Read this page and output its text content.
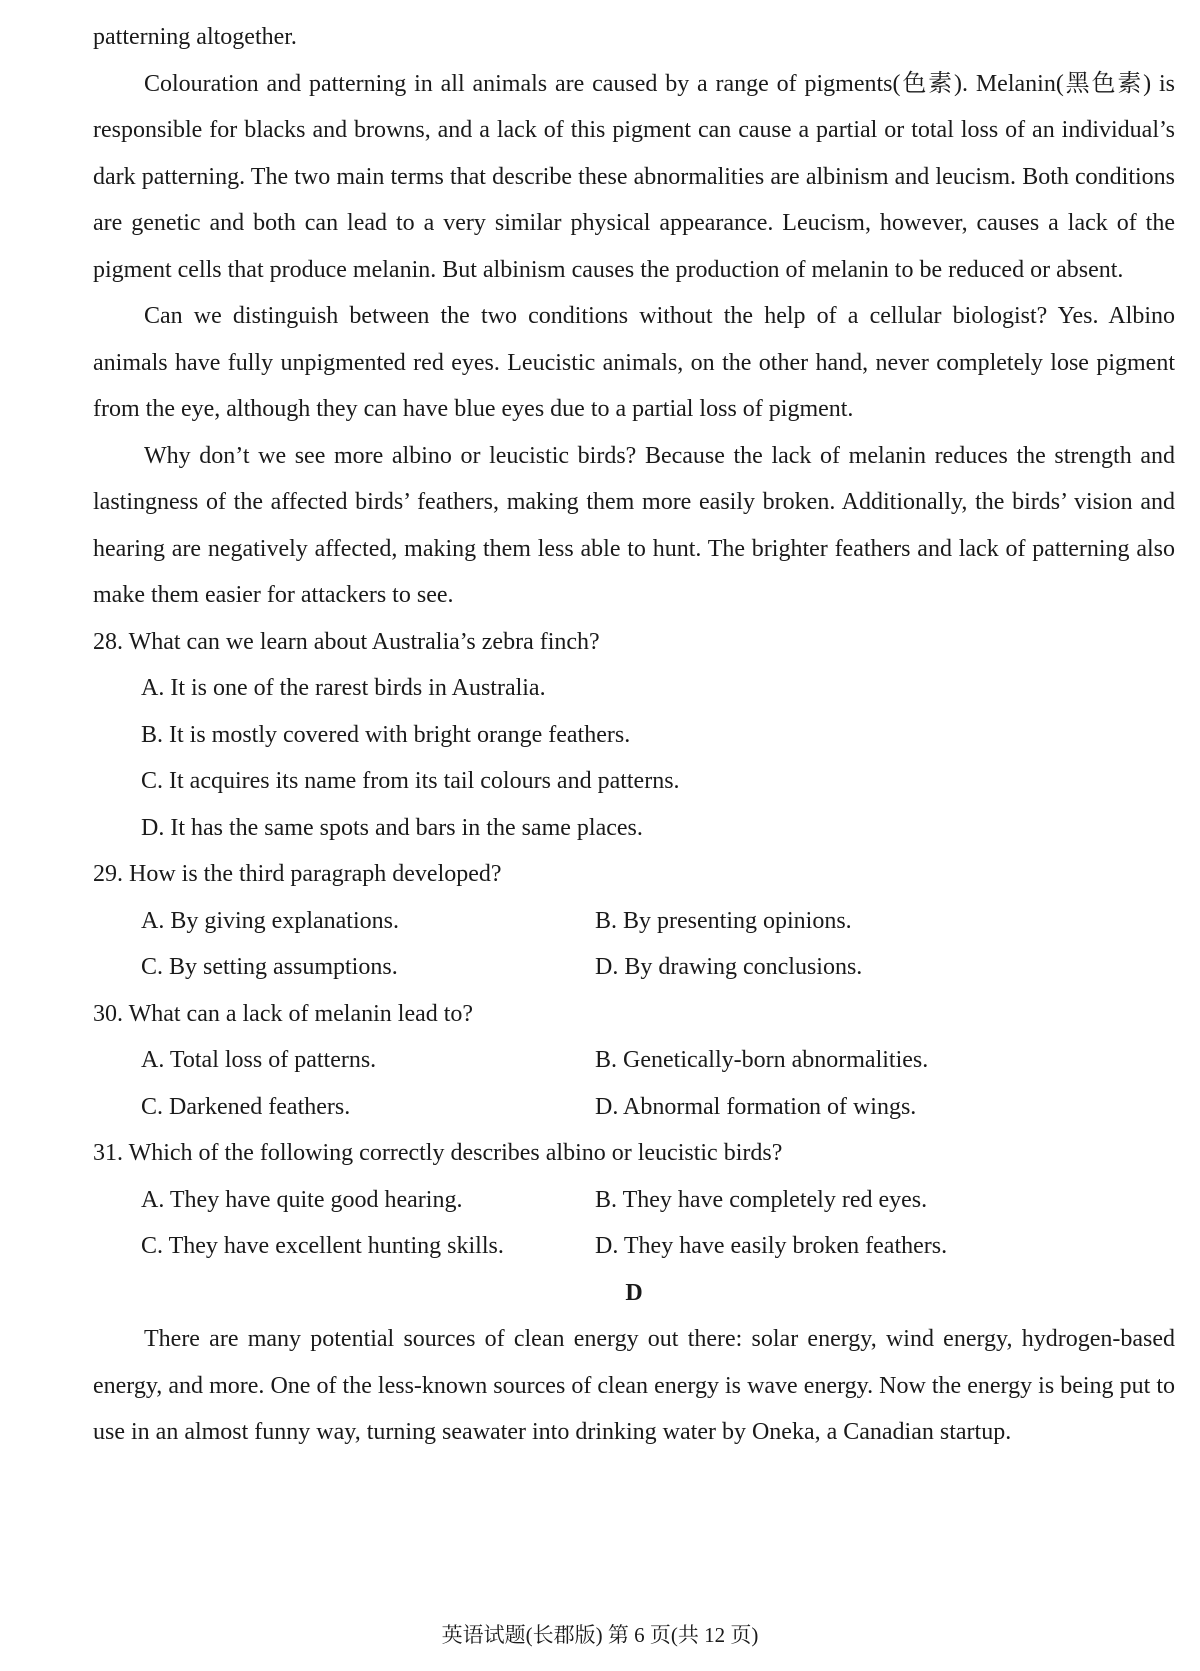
patterning altogether.

Colouration and patterning in all animals are caused by a range of pigments(色素). Melanin(黑色素) is responsible for blacks and browns, and a lack of this pigment can cause a partial or total loss of an individual’s dark patterning. The two main terms that describe these abnormalities are albinism and leucism. Both conditions are genetic and both can lead to a very similar physical appearance. Leucism, however, causes a lack of the pigment cells that produce melanin. But albinism causes the production of melanin to be reduced or absent.

Can we distinguish between the two conditions without the help of a cellular biologist? Yes. Albino animals have fully unpigmented red eyes. Leucistic animals, on the other hand, never completely lose pigment from the eye, although they can have blue eyes due to a partial loss of pigment.

Why don’t we see more albino or leucistic birds? Because the lack of melanin reduces the strength and lastingness of the affected birds’ feathers, making them more easily broken. Additionally, the birds’ vision and hearing are negatively affected, making them less able to hunt. The brighter feathers and lack of patterning also make them easier for attackers to see.

28. What can we learn about Australia’s zebra finch?

A. It is one of the rarest birds in Australia.
B. It is mostly covered with bright orange feathers.
C. It acquires its name from its tail colours and patterns.
D. It has the same spots and bars in the same places.

29. How is the third paragraph developed?

A. By giving explanations.	B. By presenting opinions.
C. By setting assumptions.	D. By drawing conclusions.

30. What can a lack of melanin lead to?

A. Total loss of patterns.	B. Genetically-born abnormalities.
C. Darkened feathers.	D. Abnormal formation of wings.

31. Which of the following correctly describes albino or leucistic birds?

A. They have quite good hearing.	B. They have completely red eyes.
C. They have excellent hunting skills.	D. They have easily broken feathers.

D

There are many potential sources of clean energy out there: solar energy, wind energy, hydrogen-based energy, and more. One of the less-known sources of clean energy is wave energy. Now the energy is being put to use in an almost funny way, turning seawater into drinking water by Oneka, a Canadian startup.

英语试题(长郡版) 第 6 页(共 12 页)
